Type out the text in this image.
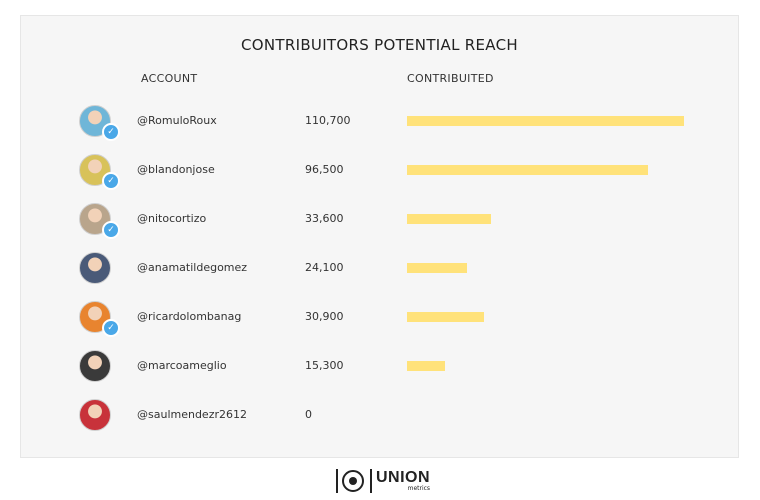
CONTRIBUITORS POTENTIAL REACH
ACCOUNT	CONTRIBUITED
✓
@RomuloRoux	110,700
✓
@blandonjose	96,500
✓
@nitocortizo	33,600
@anamatildegomez	24,100
✓
@ricardolombanag	30,900
@marcoameglio	15,300
@saulmendezr2612	0
UNION
metrics
